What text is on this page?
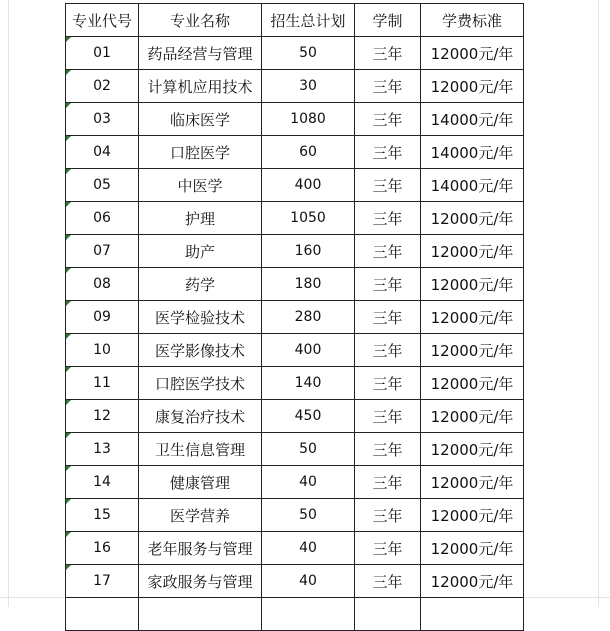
专业代号	专业名称	招生总计划	学制	学费标准

01	药品经营与管理	50	三年	12000元/年

02	计算机应用技术	30	三年	12000元/年

03	临床医学	1080	三年	14000元/年

04	口腔医学	60	三年	14000元/年

05	中医学	400	三年	14000元/年

06	护理	1050	三年	12000元/年

07	助产	160	三年	12000元/年

08	药学	180	三年	12000元/年

09	医学检验技术	280	三年	12000元/年

10	医学影像技术	400	三年	12000元/年

11	口腔医学技术	140	三年	12000元/年

12	康复治疗技术	450	三年	12000元/年

13	卫生信息管理	50	三年	12000元/年

14	健康管理	40	三年	12000元/年

15	医学营养	50	三年	12000元/年

16	老年服务与管理	40	三年	12000元/年

17	家政服务与管理	40	三年	12000元/年
